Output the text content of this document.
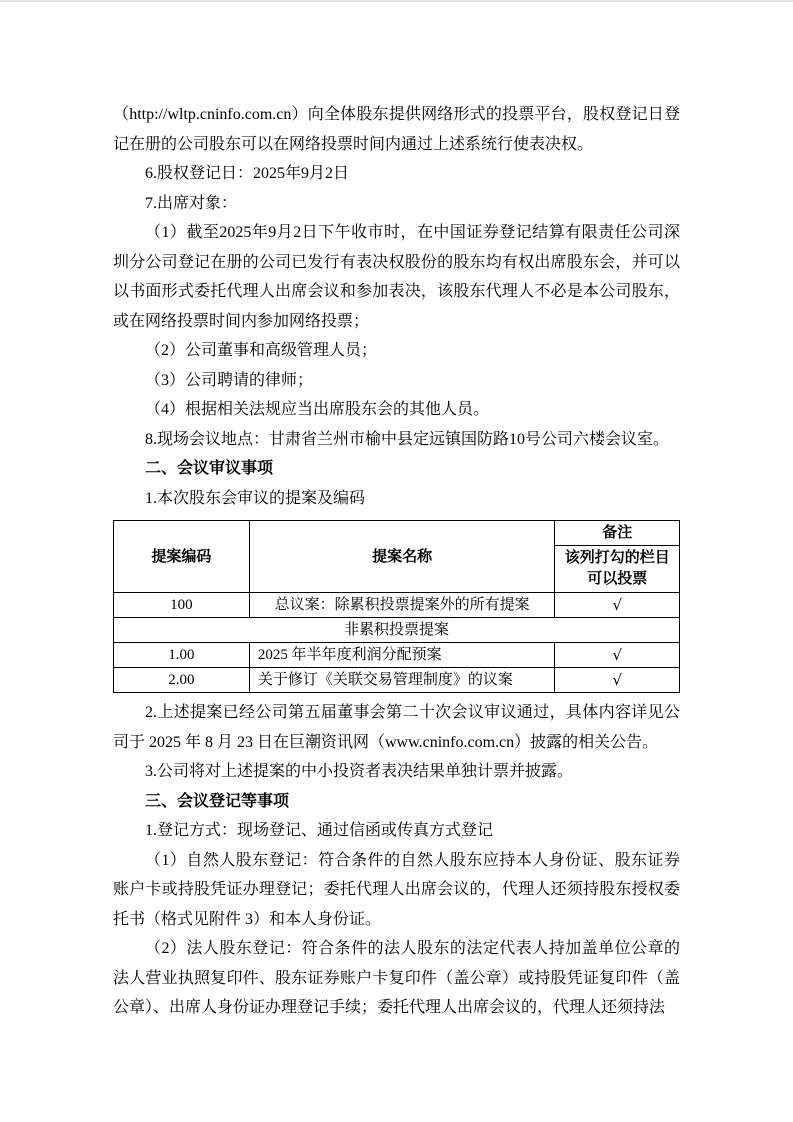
（http://wltp.cninfo.com.cn）向全体股东提供网络形式的投票平台，股权登记日登记在册的公司股东可以在网络投票时间内通过上述系统行使表决权。

6.股权登记日：2025年9月2日

7.出席对象：

（1）截至2025年9月2日下午收市时，在中国证券登记结算有限责任公司深圳分公司登记在册的公司已发行有表决权股份的股东均有权出席股东会，并可以以书面形式委托代理人出席会议和参加表决，该股东代理人不必是本公司股东，或在网络投票时间内参加网络投票；

（2）公司董事和高级管理人员；

（3）公司聘请的律师；

（4）根据相关法规应当出席股东会的其他人员。

8.现场会议地点：甘肃省兰州市榆中县定远镇国防路10号公司六楼会议室。

二、会议审议事项

1.本次股东会审议的提案及编码

提案编码	提案名称	备注

		该列打勾的栏目
可以投票

100	总议案：除累积投票提案外的所有提案	√
非累积投票提案		
1.00	2025 年半年度利润分配预案	√
2.00	关于修订《关联交易管理制度》的议案	√

2.上述提案已经公司第五届董事会第二十次会议审议通过，具体内容详见公司于 2025 年 8 月 23 日在巨潮资讯网（www.cninfo.com.cn）披露的相关公告。

3.公司将对上述提案的中小投资者表决结果单独计票并披露。

三、会议登记等事项

1.登记方式：现场登记、通过信函或传真方式登记

（1）自然人股东登记：符合条件的自然人股东应持本人身份证、股东证券账户卡或持股凭证办理登记；委托代理人出席会议的，代理人还须持股东授权委托书（格式见附件 3）和本人身份证。

（2）法人股东登记：符合条件的法人股东的法定代表人持加盖单位公章的法人营业执照复印件、股东证券账户卡复印件（盖公章）或持股凭证复印件（盖公章）、出席人身份证办理登记手续；委托代理人出席会议的，代理人还须持法
